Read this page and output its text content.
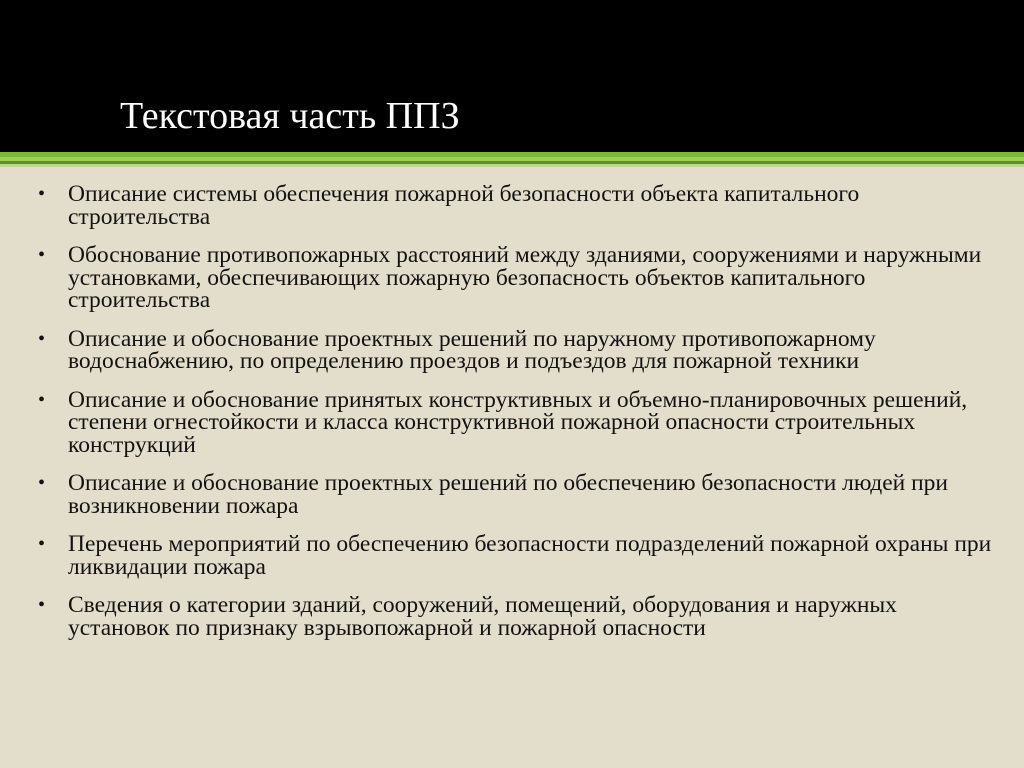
Текстовая часть ППЗ
• Описание системы обеспечения пожарной безопасности объекта капитального строительства
• Обоснование противопожарных расстояний между зданиями, сооружениями и наружными установками, обеспечивающих пожарную безопасность объектов капитального строительства
• Описание и обоснование проектных решений по наружному противопожарному водоснабжению, по определению проездов и подъездов для пожарной техники
• Описание и обоснование принятых конструктивных и объемно-планировочных решений, степени огнестойкости и класса конструктивной пожарной опасности строительных конструкций
• Описание и обоснование проектных решений по обеспечению безопасности людей при возникновении пожара
• Перечень мероприятий по обеспечению безопасности подразделений пожарной охраны при ликвидации пожара
• Сведения о категории зданий, сооружений, помещений, оборудования и наружных установок по признаку взрывопожарной и пожарной опасности
